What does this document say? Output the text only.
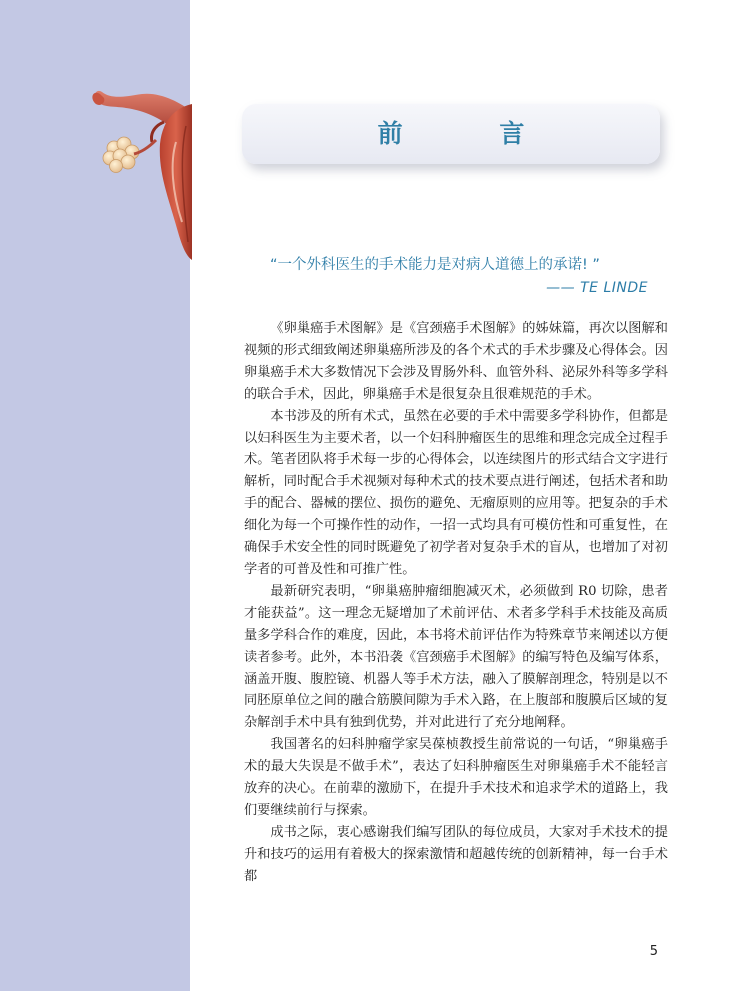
前 言
“一个外科医生的手术能力是对病人道德上的承诺! ”
—— TE LINDE

《卵巢癌手术图解》是《宫颈癌手术图解》的姊妹篇，再次以图解和视频的形式细致阐述卵巢癌所涉及的各个术式的手术步骤及心得体会。因卵巢癌手术大多数情况下会涉及胃肠外科、血管外科、泌尿外科等多学科的联合手术，因此，卵巢癌手术是很复杂且很难规范的手术。

本书涉及的所有术式，虽然在必要的手术中需要多学科协作，但都是以妇科医生为主要术者，以一个妇科肿瘤医生的思维和理念完成全过程手术。笔者团队将手术每一步的心得体会，以连续图片的形式结合文字进行解析，同时配合手术视频对每种术式的技术要点进行阐述，包括术者和助手的配合、器械的摆位、损伤的避免、无瘤原则的应用等。把复杂的手术细化为每一个可操作性的动作，一招一式均具有可模仿性和可重复性，在确保手术安全性的同时既避免了初学者对复杂手术的盲从，也增加了对初学者的可普及性和可推广性。

最新研究表明，“卵巢癌肿瘤细胞减灭术，必须做到 R0 切除，患者才能获益”。这一理念无疑增加了术前评估、术者多学科手术技能及高质量多学科合作的难度，因此，本书将术前评估作为特殊章节来阐述以方便读者参考。此外，本书沿袭《宫颈癌手术图解》的编写特色及编写体系，涵盖开腹、腹腔镜、机器人等手术方法，融入了膜解剖理念，特别是以不同胚原单位之间的融合筋膜间隙为手术入路，在上腹部和腹膜后区域的复杂解剖手术中具有独到优势，并对此进行了充分地阐释。

我国著名的妇科肿瘤学家吴葆桢教授生前常说的一句话，“卵巢癌手术的最大失误是不做手术”，表达了妇科肿瘤医生对卵巢癌手术不能轻言放弃的决心。在前辈的激励下，在提升手术技术和追求学术的道路上，我们要继续前行与探索。

成书之际，衷心感谢我们编写团队的每位成员，大家对手术技术的提升和技巧的运用有着极大的探索激情和超越传统的创新精神，每一台手术都

5
